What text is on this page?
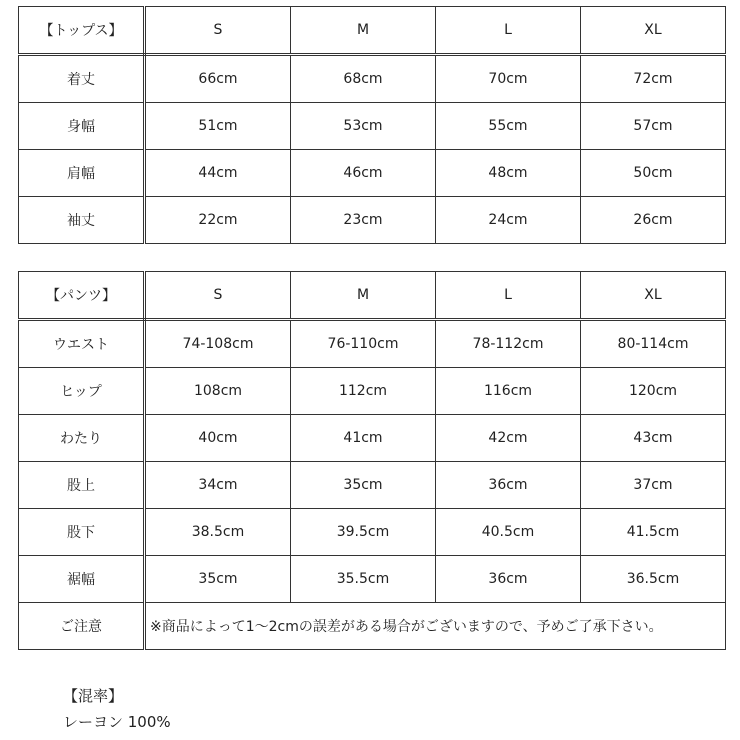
【トップス】	S	M	L	XL
着丈	66cm	68cm	70cm	72cm
身幅	51cm	53cm	55cm	57cm
肩幅	44cm	46cm	48cm	50cm
袖丈	22cm	23cm	24cm	26cm
【パンツ】	S	M	L	XL
ウエスト	74-108cm	76-110cm	78-112cm	80-114cm
ヒップ	108cm	112cm	116cm	120cm
わたり	40cm	41cm	42cm	43cm
股上	34cm	35cm	36cm	37cm
股下	38.5cm	39.5cm	40.5cm	41.5cm
裾幅	35cm	35.5cm	36cm	36.5cm
ご注意	※商品によって1～2cmの誤差がある場合がございますので、予めご了承下さい。			
【混率】
レーヨン 100%
